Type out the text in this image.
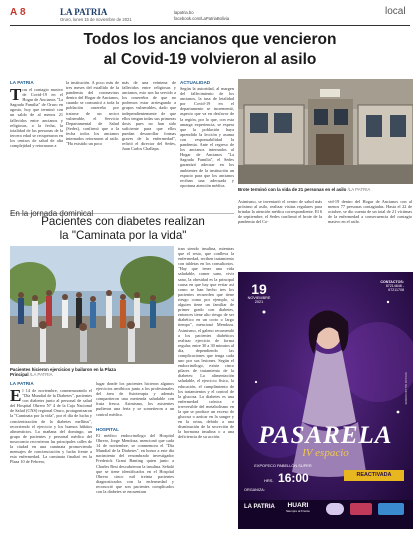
A 8	LA PATRIA
Oruro, lunes 15 de noviembre de 2021
lapatria.bo
facebook.com/LaPatriaBolivia
local
Todos los ancianos que vencieron
al Covid-19 volvieron al asilo
LA PATRIA
Tras el contagio masivo de Covid-19 en el Hogar de Ancianos "La Sagrada Familia" de Oruro en agosto, hoy que terminó con un saldo de al menos 21 fallecidos entre ancianos y religiosas, a la fecha, la totalidad de las personas de la tercera edad se recuperaron en los centros de salud de alta complejidad y retornaron a
la institución. A poco más de tres meses del estallido de la pandemia del coronavirus dentro del Hogar de Ancianos, cuando se comunicó a toda la población oruereña por tratarse de un sector vulnerable, el Servicio Departamental de Salud (Sedes), confirmó que a la fecha todos los ancianos internados retornaron al asilo. "Ha existido un poco
más de una veintena de fallecidos entre religiosas y ancianos, esto nos ha servido a los oruereños de que no podemos estar arriesgando a grupos vulnerables, dado que independientemente de que ellos tengan todas sus primeras dosis pues no han sido suficiente para que ellos puedan desarrollar formas graves de la enfermedad", refirió el director del Sedes, Juan Carlos Challapa.
ACTUALIDAD
Según la autoridad, al margen del fallecimiento de los ancianos, la tasa de letalidad por Covid-19 en el departamento se incrementó, aspecto que va en desfavor de la región, por lo que, con esta amarga experiencia, se espera que la población haya aprendido la lección y asuma con responsabilidad la pandemia. Ante el regreso de los ancianos internados al Hogar de Ancianos "La Sagrada Familia", el Sedes garantizó adecuar en los ambientes de la institución un espacio para que los ancianos reciban una adecuada y oportuna atención médica.
Brote terminó con la vida de 21 personas en el asilo /LA PATRIA
Asimismo, se inventarió el centro de salud más próximo al asilo, realizar visitas regulares para brindar la atención médica correspondiente. El 6 de septiembre, el Sedes confirmó el brote de la pandemia del Co-
vid-19 dentro del Hogar de Ancianos con al menos 77 personas contagiadas. Hasta el 22 de octubre, se dio cuenta de un total de 21 víctimas de la enfermedad a consecuencia del contagio masivo en el asilo.
En la jornada dominical
Pacientes con diabetes realizan
la "Caminata por la vida"
Pacientes hicieron ejercicios y bailaron en la Plaza
Principal /LA PATRIA
LA PATRIA
El 14 de noviembre, conmemorando el "Día Mundial de la Diabetes", pacientes con diabetes junto al personal de salud del Hospital Obrero N° 4 de la Caja Nacional de Salud (CNS) regional Oruro, protagonizaron la "Caminata por la vida", por el día de lucha y concientización de la diabetes mellitus", recorriendo el ejercicio y los buenos hábitos alimenticios. La mañana del domingo, un grupo de pacientes y personal médico del nosocomio recorrieron las principales calles de la ciudad en una caminata promoviendo mensajes de concienciación y lucha frente a esta enfermedad. La caminata finalizó en la Plaza 10 de Febrero,
lugar donde los pacientes hicieron algunos ejercicios aeróbicos junto a los profesionales del área de fisioterapia y además compartieron una merienda saludable con fruta fresca. Asimismo, los asistentes pudieron una feria y se sometieron a un control médico.
HOSPITAL
El médico endocrinólogo del Hospital Obrero, Jorge Mendoza, mencionó que cada 14 de noviembre, se conmemora el "Día Mundial de la Diabetes", en honor a este día nacimiento del renombrado investigador Frederick Grant Banting quien junto a Charles Best descubrieron la insulina. Señaló que se tiene identificados en el Hospital Obrero cinco mil treinta pacientes diagnosticados con la enfermedad y reconoció que son pacientes complicados con la diabetes se encuentran
tran siendo insulina, mientras que el resto, que conlleva la enfermedad, reciben tratamiento con tabletas en los consultorios. "Hay que tener una vida saludable, comer sano, vivir sano, la obesidad es la principal causa en que hay que evitar así como se han hecho tres los pacientes recuerden que tiene riesgo como por ejemplo, si alguien tiene un familiar de primer grado con diabetes, entonces tiene alto riesgo de ser diabético en un corto o largo tiempo", mencionó Mendoza. Asimismo, el galeno recomendó a los pacientes diabéticos realizar ejercicio de forma regular, entre 30 a 30 minutos al día, dependiendo las complicaciones que tenga cada uno por sus lesiones. Según el endocrinólogo, existe cinco pilares de tratamiento de la diabetes: La alimentación saludable, el ejercicio físico, la educación, el cumplimiento de los tratamientos y el control de la glucosa. La diabetes es una enfermedad crónica e irreversible del metabolismo en la que se produce un exceso de glucosa o azúcar en la sangre y en la orina, debido a una disminución de la secreción de la hormona insulina o a una deficiencia de su acción.
19
NOVIEMBRE
2021
CONTACTOS:
67214848 - 67211708
PASARELA
IV espacio
EXPOFECO PABELLÓN SUPER
HRS. 16:00	REACTIVADA
ORGANIZA:
LA PATRIA HUARI
Siempre al Frente
SPACIO RE-OR 000008
